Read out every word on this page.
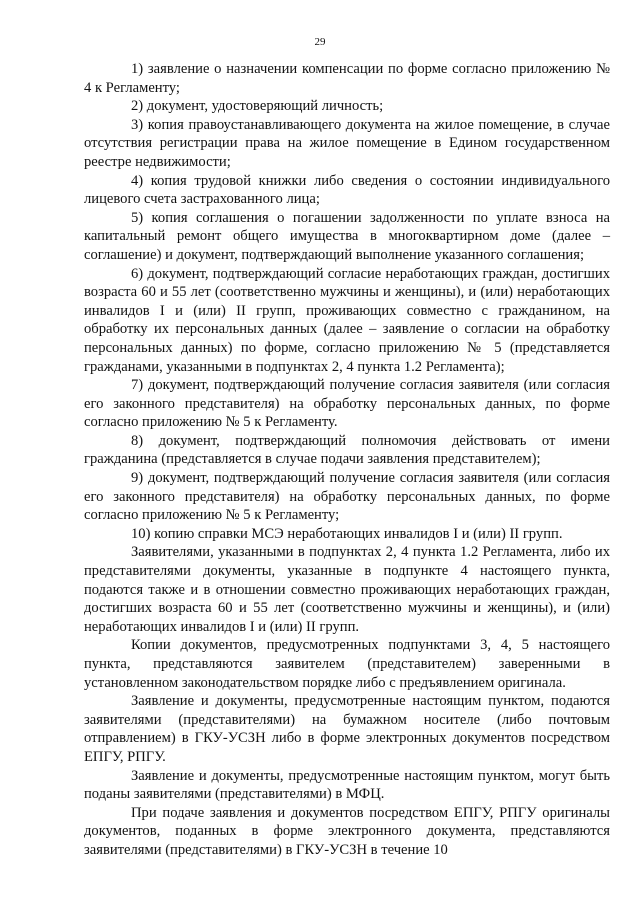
29

1) заявление о назначении компенсации по форме согласно приложению № 4 к Регламенту;

2) документ, удостоверяющий личность;

3) копия правоустанавливающего документа на жилое помещение, в случае отсутствия регистрации права на жилое помещение в Едином государственном реестре недвижимости;

4) копия трудовой книжки либо сведения о состоянии индивидуального лицевого счета застрахованного лица;

5) копия соглашения о погашении задолженности по уплате взноса на капитальный ремонт общего имущества в многоквартирном доме (далее – соглашение) и документ, подтверждающий выполнение указанного соглашения;

6) документ, подтверждающий согласие неработающих граждан, достигших возраста 60 и 55 лет (соответственно мужчины и женщины), и (или) неработающих инвалидов I и (или) II групп, проживающих совместно с гражданином, на обработку их персональных данных (далее – заявление о согласии на обработку персональных данных) по форме, согласно приложению № 5 (представляется гражданами, указанными в подпунктах 2, 4 пункта 1.2 Регламента);

7) документ, подтверждающий получение согласия заявителя (или согласия его законного представителя) на обработку персональных данных, по форме согласно приложению № 5 к Регламенту.

8) документ, подтверждающий полномочия действовать от имени гражданина (представляется в случае подачи заявления представителем);

9) документ, подтверждающий получение согласия заявителя (или согласия его законного представителя) на обработку персональных данных, по форме согласно приложению № 5 к Регламенту;

10) копию справки МСЭ неработающих инвалидов I и (или) II групп.

Заявителями, указанными в подпунктах 2, 4 пункта 1.2 Регламента, либо их представителями документы, указанные в подпункте 4 настоящего пункта, подаются также и в отношении совместно проживающих неработающих граждан, достигших возраста 60 и 55 лет (соответственно мужчины и женщины), и (или) неработающих инвалидов I и (или) II групп.

Копии документов, предусмотренных подпунктами 3, 4, 5 настоящего пункта, представляются заявителем (представителем) заверенными в установленном законодательством порядке либо с предъявлением оригинала.

Заявление и документы, предусмотренные настоящим пунктом, подаются заявителями (представителями) на бумажном носителе (либо почтовым отправлением) в ГКУ-УСЗН либо в форме электронных документов посредством ЕПГУ, РПГУ.

Заявление и документы, предусмотренные настоящим пунктом, могут быть поданы заявителями (представителями) в МФЦ.

При подаче заявления и документов посредством ЕПГУ, РПГУ оригиналы документов, поданных в форме электронного документа, представляются заявителями (представителями) в ГКУ-УСЗН в течение 10
